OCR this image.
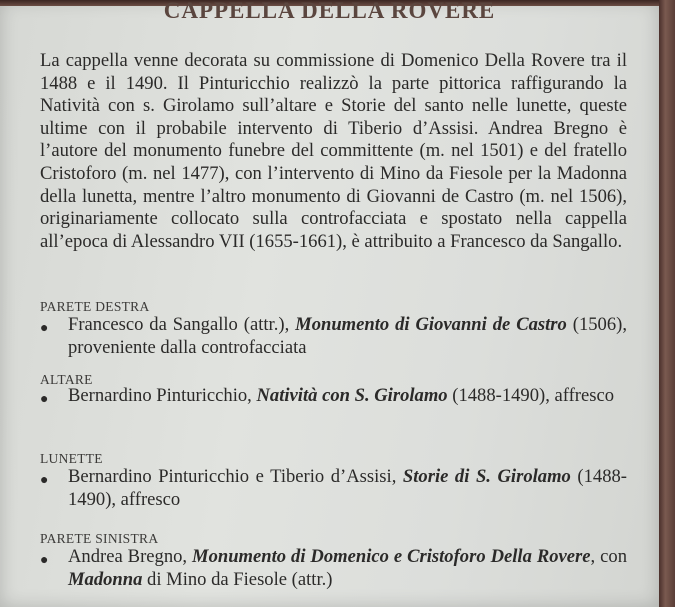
CAPPELLA DELLA ROVERE

La cappella venne decorata su commissione di Domenico Della Rovere tra il 1488 e il 1490. Il Pinturicchio realizzò la parte pittorica raffigurando la Natività con s. Girolamo sull’altare e Storie del santo nelle lunette, queste ultime con il probabile intervento di Tiberio d’Assisi. Andrea Bregno è l’autore del monumento funebre del committente (m. nel 1501) e del fratello Cristoforo (m. nel 1477), con l’intervento di Mino da Fiesole per la Madonna della lunetta, mentre l’altro monumento di Giovanni de Castro (m. nel 1506), originariamente collocato sulla controfacciata e spostato nella cappella all’epoca di Alessandro VII (1655-1661), è attribuito a Francesco da Sangallo.

PARETE DESTRA
● Francesco da Sangallo (attr.), Monumento di Giovanni de Castro (1506), proveniente dalla controfacciata

ALTARE
● Bernardino Pinturicchio, Natività con S. Girolamo (1488-1490), affresco

LUNETTE
● Bernardino Pinturicchio e Tiberio d’Assisi, Storie di S. Girolamo (1488-1490), affresco

PARETE SINISTRA
● Andrea Bregno, Monumento di Domenico e Cristoforo Della Rovere, con Madonna di Mino da Fiesole (attr.)
